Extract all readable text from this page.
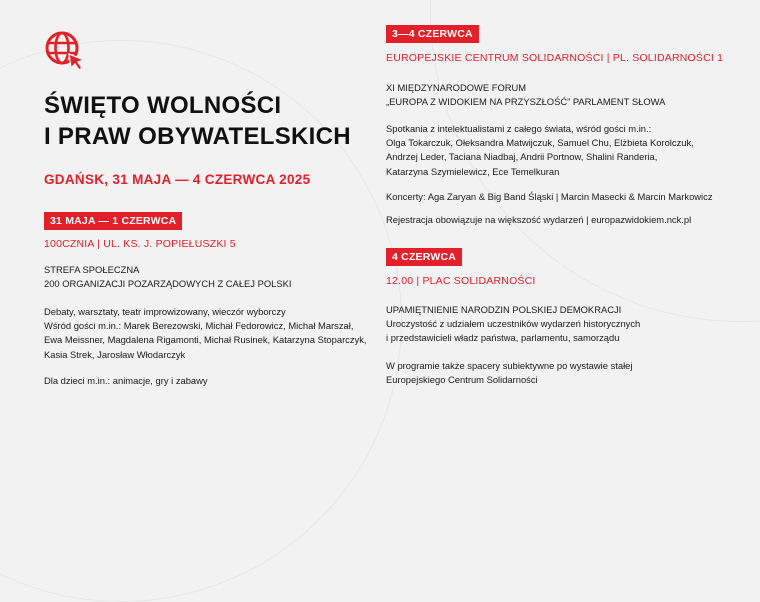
ŚWIĘTO WOLNOŚCI
I PRAW OBYWATELSKICH
GDAŃSK, 31 MAJA — 4 CZERWCA 2025
31 MAJA — 1 CZERWCA
100CZNIA | UL. KS. J. POPIEŁUSZKI 5

STREFA SPOŁECZNA

200 ORGANIZACJI POZARZĄDOWYCH Z CAŁEJ POLSKI

Debaty, warsztaty, teatr improwizowany, wieczór wyborczy

Wśród gości m.in.: Marek Berezowski, Michał Fedorowicz, Michał Marszał,

Ewa Meissner, Magdalena Rigamonti, Michał Rusinek, Katarzyna Stoparczyk,

Kasia Strek, Jarosław Włodarczyk

Dla dzieci m.in.: animacje, gry i zabawy

3—4 CZERWCA
EUROPEJSKIE CENTRUM SOLIDARNOŚCI | PL. SOLIDARNOŚCI 1

XI MIĘDZYNARODOWE FORUM

„EUROPA Z WIDOKIEM NA PRZYSZŁOŚĆ” PARLAMENT SŁOWA

Spotkania z intelektualistami z całego świata, wśród gości m.in.:

Olga Tokarczuk, Ołeksandra Matwijczuk, Samuel Chu, Elżbieta Korolczuk,

Andrzej Leder, Taciana Niadbaj, Andrii Portnow, Shalini Randeria,

Katarzyna Szymielewicz, Ece Temelkuran

Koncerty: Aga Zaryan & Big Band Śląski | Marcin Masecki & Marcin Markowicz

Rejestracja obowiązuje na większość wydarzeń | europazwidokiem.nck.pl

4 CZERWCA
12.00 | PLAC SOLIDARNOŚCI

UPAMIĘTNIENIE NARODZIN POLSKIEJ DEMOKRACJI

Uroczystość z udziałem uczestników wydarzeń historycznych

i przedstawicieli władz państwa, parlamentu, samorządu

W programie także spacery subiektywne po wystawie stałej

Europejskiego Centrum Solidarności
